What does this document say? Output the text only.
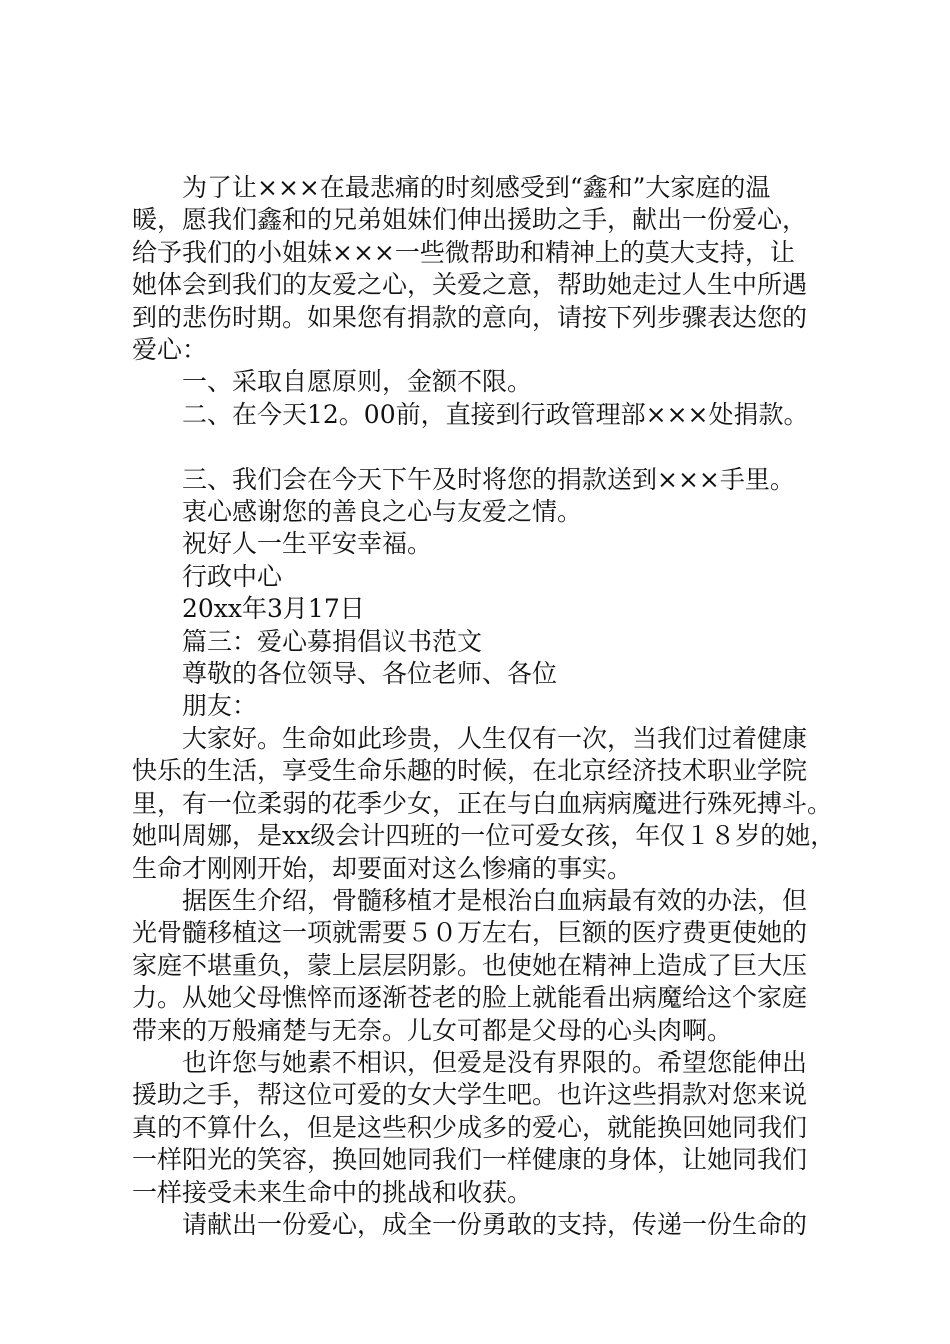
为了让×××在最悲痛的时刻感受到“鑫和”大家庭的温
暖，愿我们鑫和的兄弟姐妹们伸出援助之手，献出一份爱心，
给予我们的小姐妹×××一些微帮助和精神上的莫大支持，让
她体会到我们的友爱之心，关爱之意，帮助她走过人生中所遇
到的悲伤时期。如果您有捐款的意向，请按下列步骤表达您的
爱心：
一、采取自愿原则，金额不限。
二、在今天12。00前，直接到行政管理部×××处捐款。
三、我们会在今天下午及时将您的捐款送到×××手里。
衷心感谢您的善良之心与友爱之情。
祝好人一生平安幸福。
行政中心
20xx年3月17日
篇三：爱心募捐倡议书范文
尊敬的各位领导、各位老师、各位
朋友：
大家好。生命如此珍贵，人生仅有一次，当我们过着健康
快乐的生活，享受生命乐趣的时候，在北京经济技术职业学院
里，有一位柔弱的花季少女，正在与白血病病魔进行殊死搏斗。
她叫周娜，是xx级会计四班的一位可爱女孩，年仅１８岁的她，
生命才刚刚开始，却要面对这么惨痛的事实。
据医生介绍，骨髓移植才是根治白血病最有效的办法，但
光骨髓移植这一项就需要５０万左右，巨额的医疗费更使她的
家庭不堪重负，蒙上层层阴影。也使她在精神上造成了巨大压
力。从她父母憔悴而逐渐苍老的脸上就能看出病魔给这个家庭
带来的万般痛楚与无奈。儿女可都是父母的心头肉啊。
也许您与她素不相识，但爱是没有界限的。希望您能伸出
援助之手，帮这位可爱的女大学生吧。也许这些捐款对您来说
真的不算什么，但是这些积少成多的爱心，就能换回她同我们
一样阳光的笑容，换回她同我们一样健康的身体，让她同我们
一样接受未来生命中的挑战和收获。
请献出一份爱心，成全一份勇敢的支持，传递一份生命的
